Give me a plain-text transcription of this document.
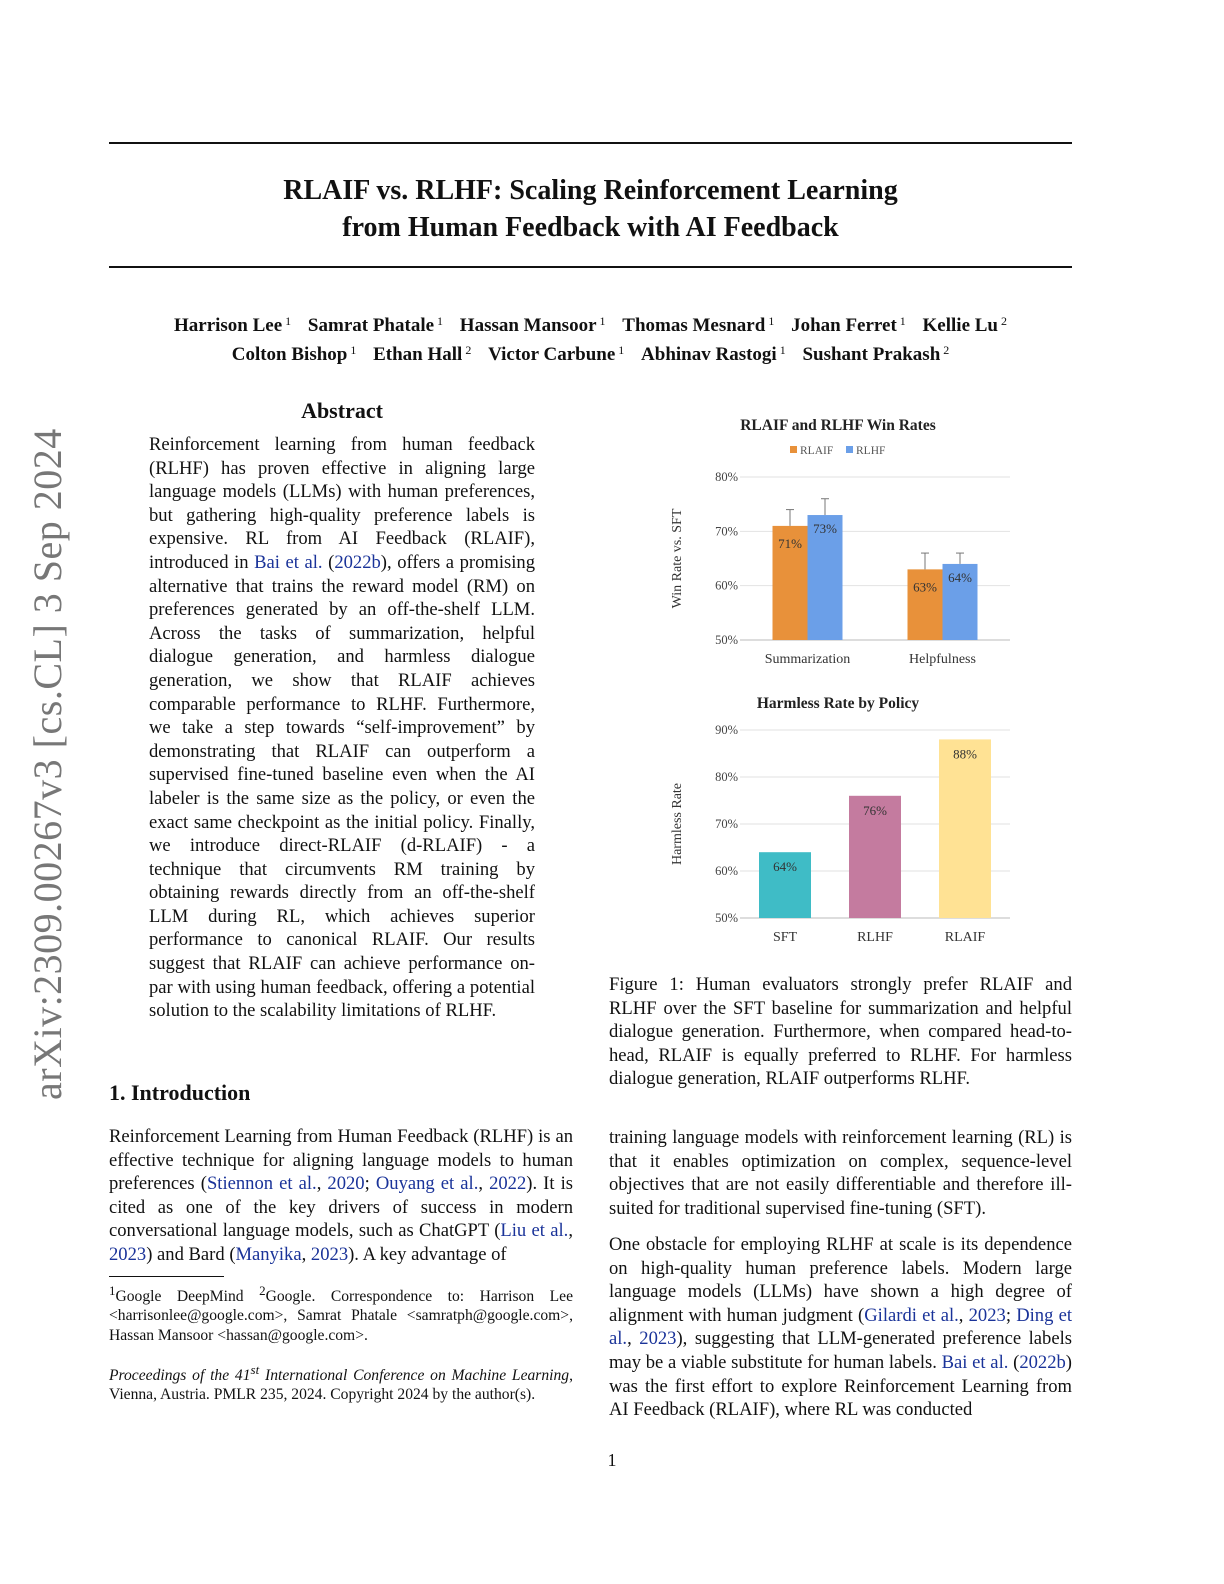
RLAIF vs. RLHF: Scaling Reinforcement Learning
from Human Feedback with AI Feedback
Harrison Lee $^1$ Samrat Phatale $^1$ Hassan Mansoor $^1$ Thomas Mesnard $^1$ Johan Ferret $^1$ Kellie Lu $^2$
Colton Bishop $^1$ Ethan Hall $^2$ Victor Carbune $^1$ Abhinav Rastogi $^1$ Sushant Prakash $^2$
arXiv:2309.00267v3 [cs.CL] 3 Sep 2024
Abstract
Reinforcement learning from human feedback (RLHF) has proven effective in aligning large language models (LLMs) with human preferences, but gathering high-quality preference labels is expensive. RL from AI Feedback (RLAIF), introduced in Bai et al. (2022b), offers a promising alternative that trains the reward model (RM) on preferences generated by an off-the-shelf LLM. Across the tasks of summarization, helpful dialogue generation, and harmless dialogue generation, we show that RLAIF achieves comparable performance to RLHF. Furthermore, we take a step towards “self-improvement” by demonstrating that RLAIF can outperform a supervised fine-tuned baseline even when the AI labeler is the same size as the policy, or even the exact same checkpoint as the initial policy. Finally, we introduce direct-RLAIF (d-RLAIF) - a technique that circumvents RM training by obtaining rewards directly from an off-the-shelf LLM during RL, which achieves superior performance to canonical RLAIF. Our results suggest that RLAIF can achieve performance on-par with using human feedback, offering a potential solution to the scalability limitations of RLHF.
1. Introduction
Reinforcement Learning from Human Feedback (RLHF) is an effective technique for aligning language models to human preferences (Stiennon et al., 2020; Ouyang et al., 2022). It is cited as one of the key drivers of success in modern conversational language models, such as ChatGPT (Liu et al., 2023) and Bard (Manyika, 2023). A key advantage of
$^1$Google DeepMind $^2$Google. Correspondence to: Harrison Lee <harrisonlee@google.com>, Samrat Phatale <samratph@google.com>, Hassan Mansoor <hassan@google.com>.
Proceedings of the 41st International Conference on Machine Learning, Vienna, Austria. PMLR 235, 2024. Copyright 2024 by the author(s).
1
RLAIF and RLHF Win Rates
RLAIF RLHF
50%
60%
70%
80%
Win Rate vs. SFT	71%
73%
Summarization
63%
64%
Helpfulness
Harmless Rate by Policy
50%
60%
70%
80%
90%
Harmless Rate
64%
SFT
76%
RLHF
88%
RLAIF
Figure 1: Human evaluators strongly prefer RLAIF and RLHF over the SFT baseline for summarization and helpful dialogue generation. Furthermore, when compared head-to-head, RLAIF is equally preferred to RLHF. For harmless dialogue generation, RLAIF outperforms RLHF.
training language models with reinforcement learning (RL) is that it enables optimization on complex, sequence-level objectives that are not easily differentiable and therefore ill-suited for traditional supervised fine-tuning (SFT).
One obstacle for employing RLHF at scale is its dependence on high-quality human preference labels. Modern large language models (LLMs) have shown a high degree of alignment with human judgment (Gilardi et al., 2023; Ding et al., 2023), suggesting that LLM-generated preference labels may be a viable substitute for human labels. Bai et al. (2022b) was the first effort to explore Reinforcement Learning from AI Feedback (RLAIF), where RL was conducted
